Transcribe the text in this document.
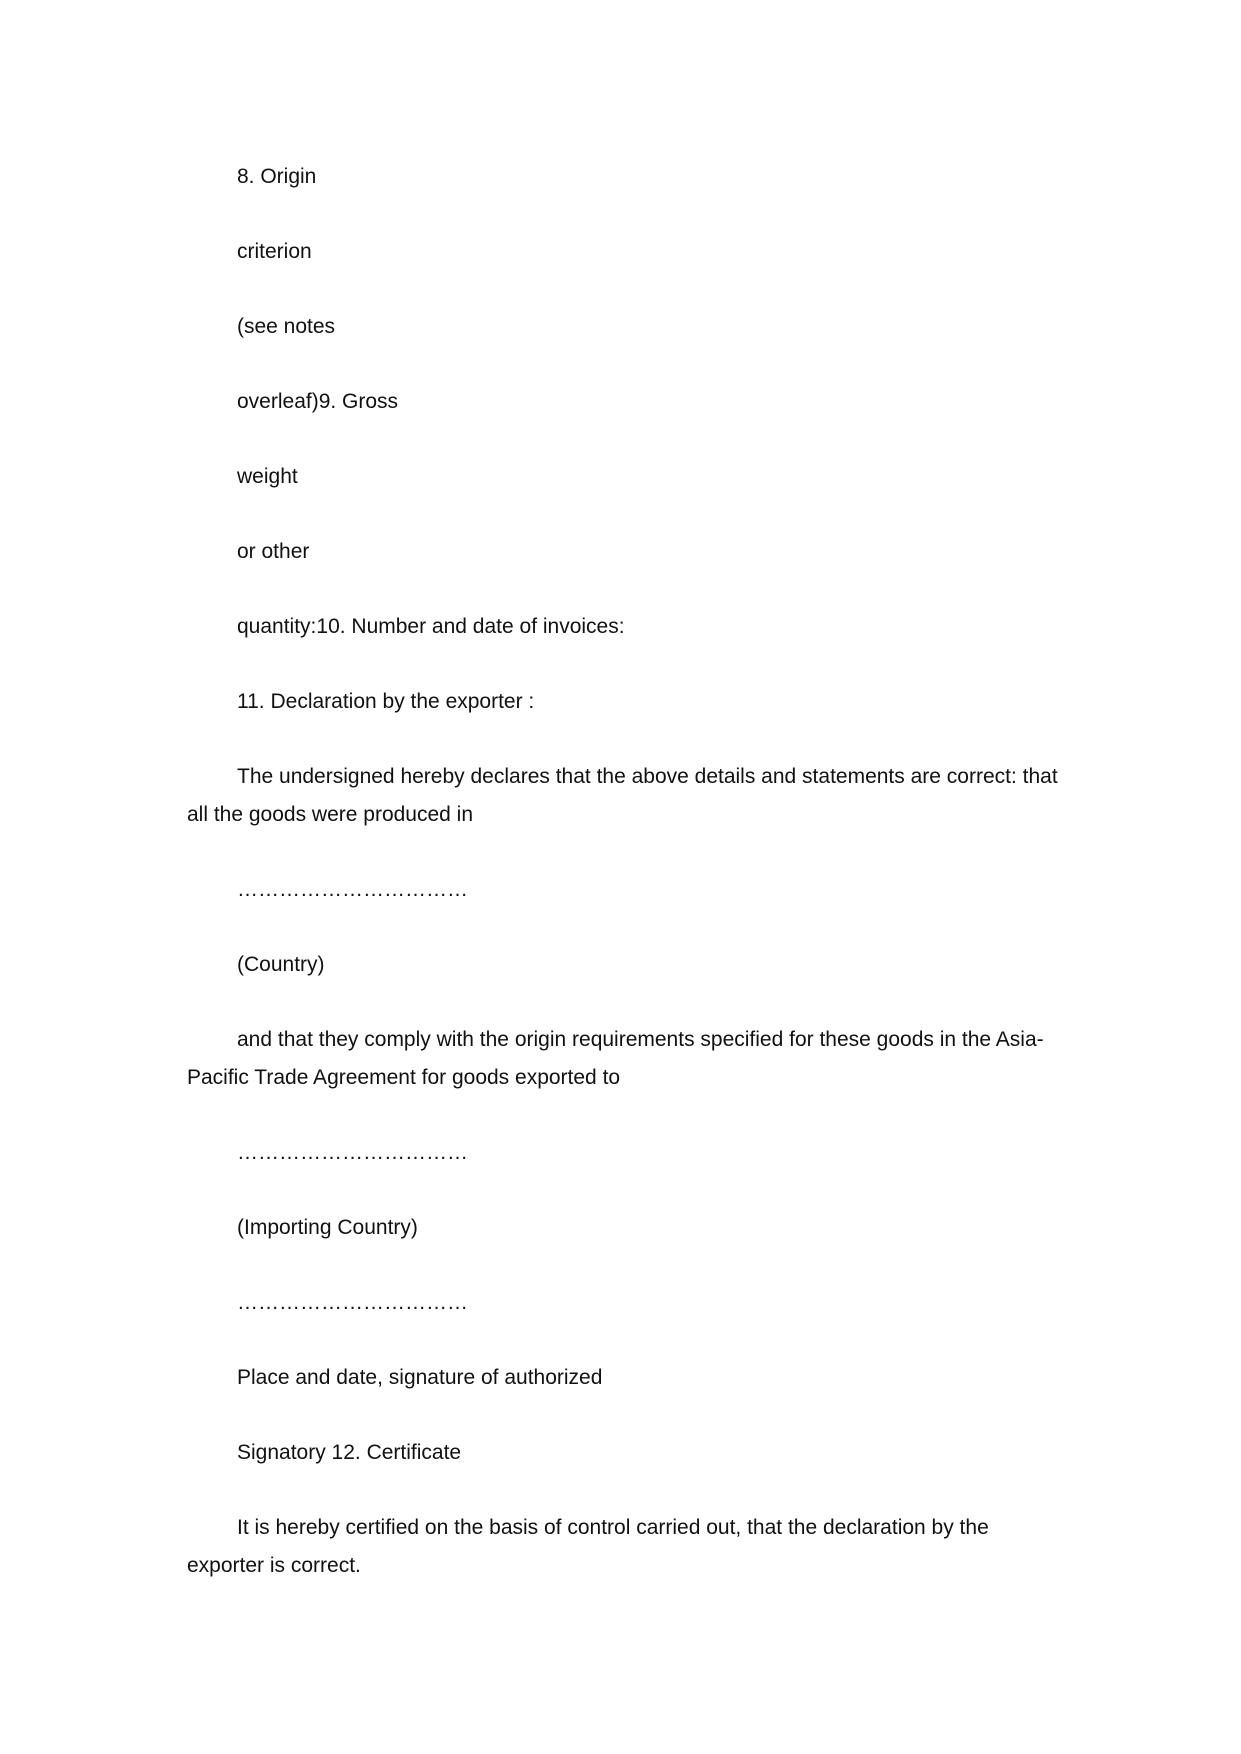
8. Origin

criterion

(see notes

overleaf)9. Gross

weight

or other

quantity:10. Number and date of invoices:

11. Declaration by the exporter :

The undersigned hereby declares that the above details and statements are correct: that all the goods were produced in

……………………………

(Country)

and that they comply with the origin requirements specified for these goods in the Asia-Pacific Trade Agreement for goods exported to

……………………………

(Importing Country)

……………………………

Place and date, signature of authorized

Signatory 12. Certificate

It is hereby certified on the basis of control carried out, that the declaration by the exporter is correct.
